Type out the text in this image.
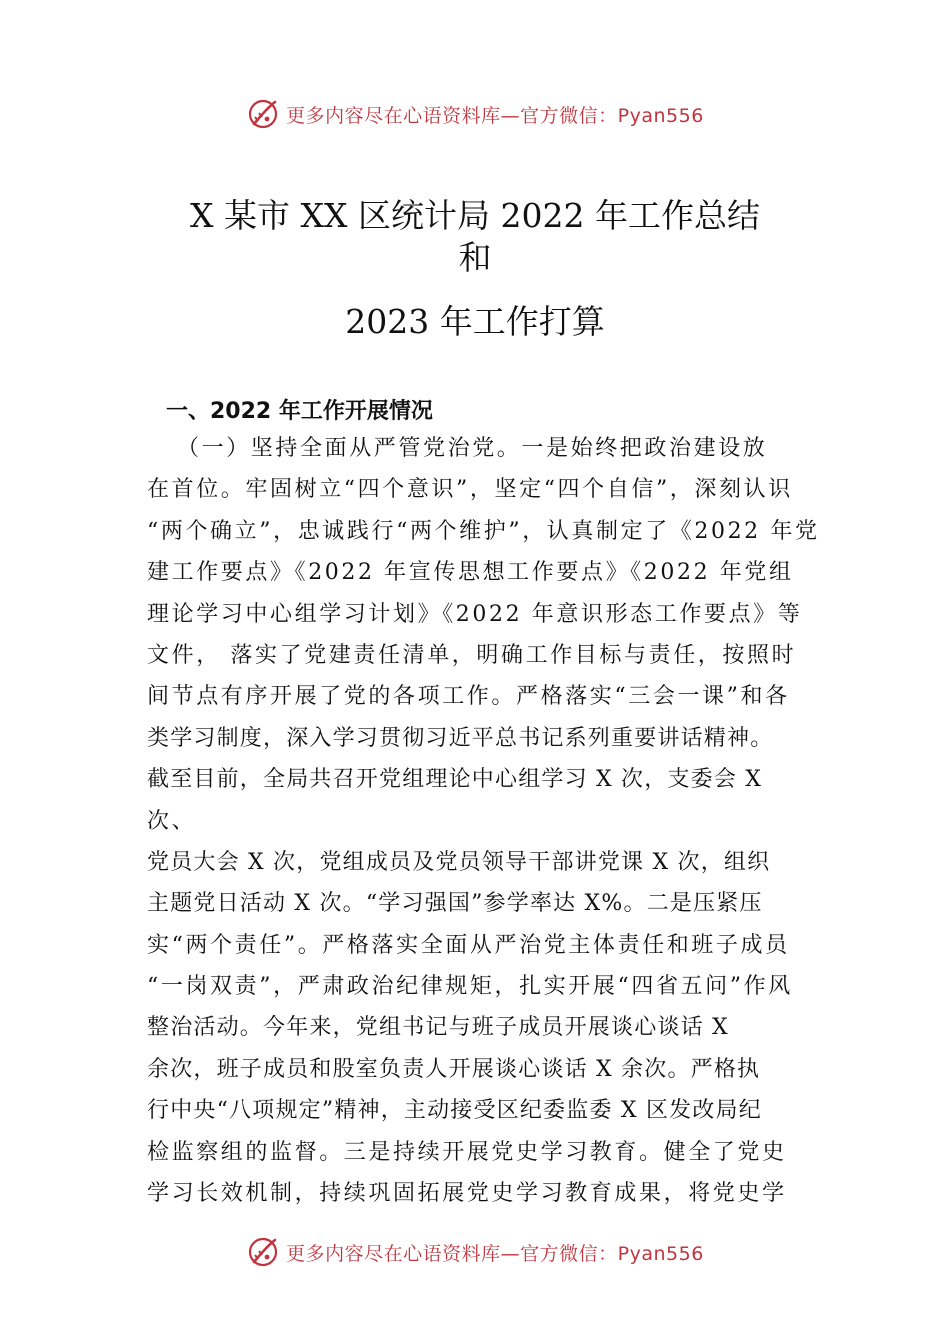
更多内容尽在心语资料库—官方微信：Pyan556
X 某市 XX 区统计局 2022 年工作总结
和
2023 年工作打算
一、2022 年工作开展情况
（一）坚持全面从严管党治党。一是始终把政治建设放
在首位。牢固树立“四个意识”，坚定“四个自信”，深刻认识
“两个确立”，忠诚践行“两个维护”，认真制定了《2022 年党
建工作要点》《2022 年宣传思想工作要点》《2022 年党组
理论学习中心组学习计划》《2022 年意识形态工作要点》等
文件， 落实了党建责任清单，明确工作目标与责任，按照时
间节点有序开展了党的各项工作。严格落实“三会一课”和各
类学习制度，深入学习贯彻习近平总书记系列重要讲话精神。
截至目前，全局共召开党组理论中心组学习 X 次，支委会 X
次、
党员大会 X 次，党组成员及党员领导干部讲党课 X 次，组织
主题党日活动 X 次。“学习强国”参学率达 X%。二是压紧压
实“两个责任”。严格落实全面从严治党主体责任和班子成员
“一岗双责”，严肃政治纪律规矩，扎实开展“四省五问”作风
整治活动。今年来，党组书记与班子成员开展谈心谈话 X
余次，班子成员和股室负责人开展谈心谈话 X 余次。严格执
行中央“八项规定”精神，主动接受区纪委监委 X 区发改局纪
检监察组的监督。三是持续开展党史学习教育。健全了党史
学习长效机制，持续巩固拓展党史学习教育成果，将党史学
更多内容尽在心语资料库—官方微信：Pyan556
